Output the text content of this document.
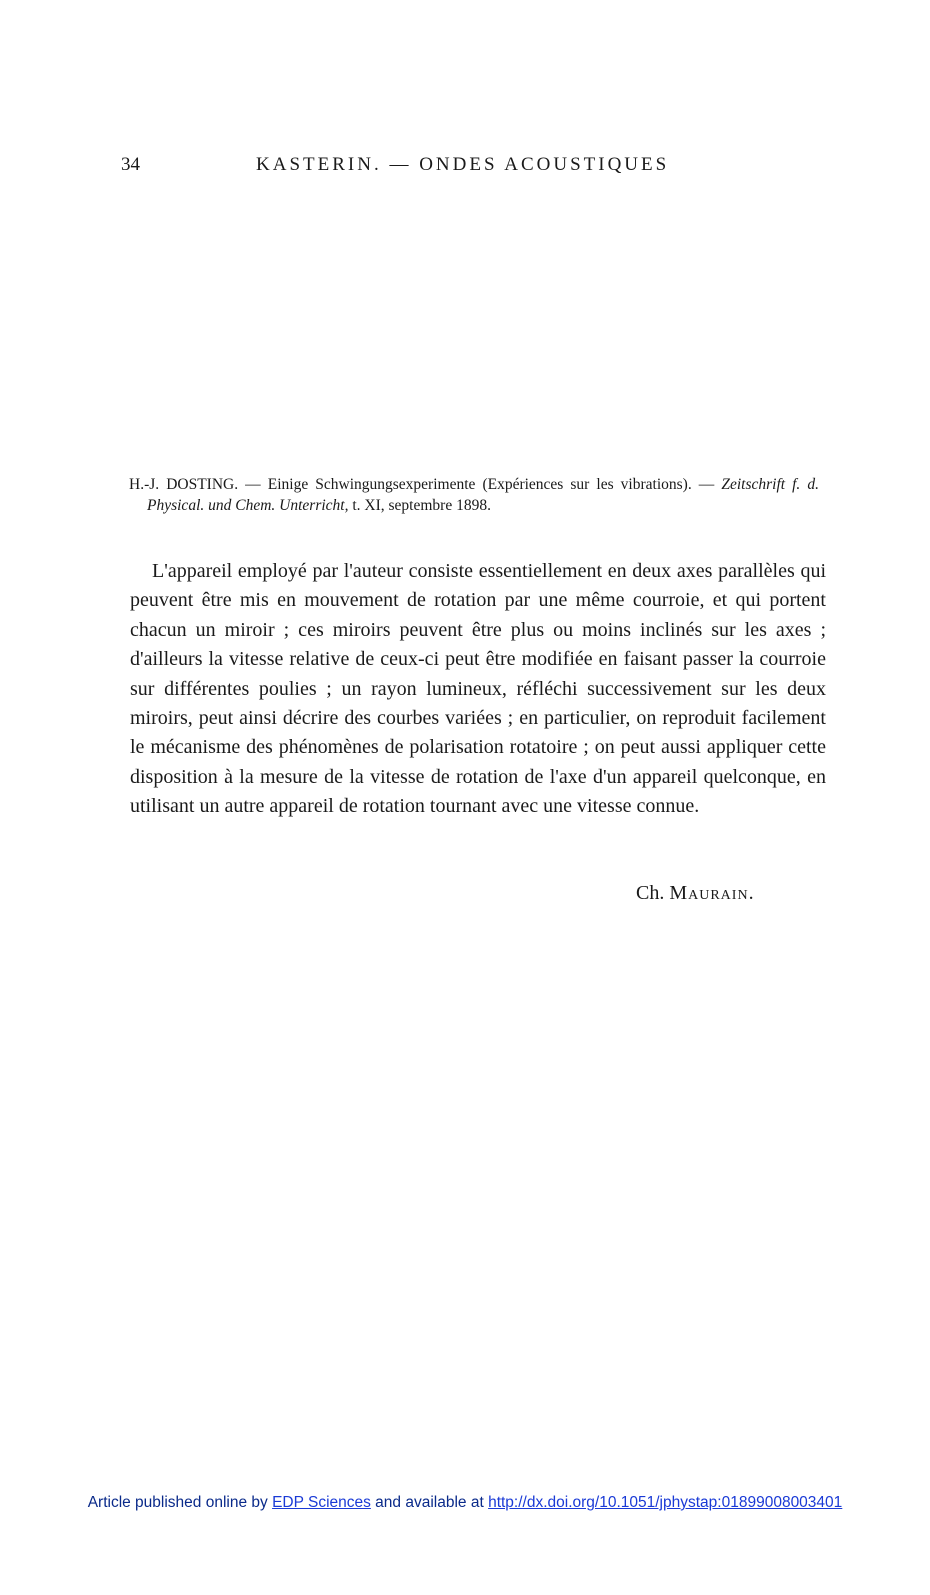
34	KASTERIN. — ONDES ACOUSTIQUES
H.-J. DOSTING. — Einige Schwingungsexperimente (Expériences sur les vibrations). — Zeitschrift f. d. Physical. und Chem. Unterricht, t. XI, septembre 1898.

L'appareil employé par l'auteur consiste essentiellement en deux axes parallèles qui peuvent être mis en mouvement de rotation par une même courroie, et qui portent chacun un miroir ; ces miroirs peuvent être plus ou moins inclinés sur les axes ; d'ailleurs la vitesse relative de ceux-ci peut être modifiée en faisant passer la courroie sur différentes poulies ; un rayon lumineux, réfléchi successivement sur les deux miroirs, peut ainsi décrire des courbes variées ; en particulier, on reproduit facilement le mécanisme des phénomènes de polarisation rotatoire ; on peut aussi appliquer cette disposition à la mesure de la vitesse de rotation de l'axe d'un appareil quelconque, en utilisant un autre appareil de rotation tournant avec une vitesse connue.

Ch. Maurain.
Article published online by EDP Sciences and available at http://dx.doi.org/10.1051/jphystap:01899008003401
